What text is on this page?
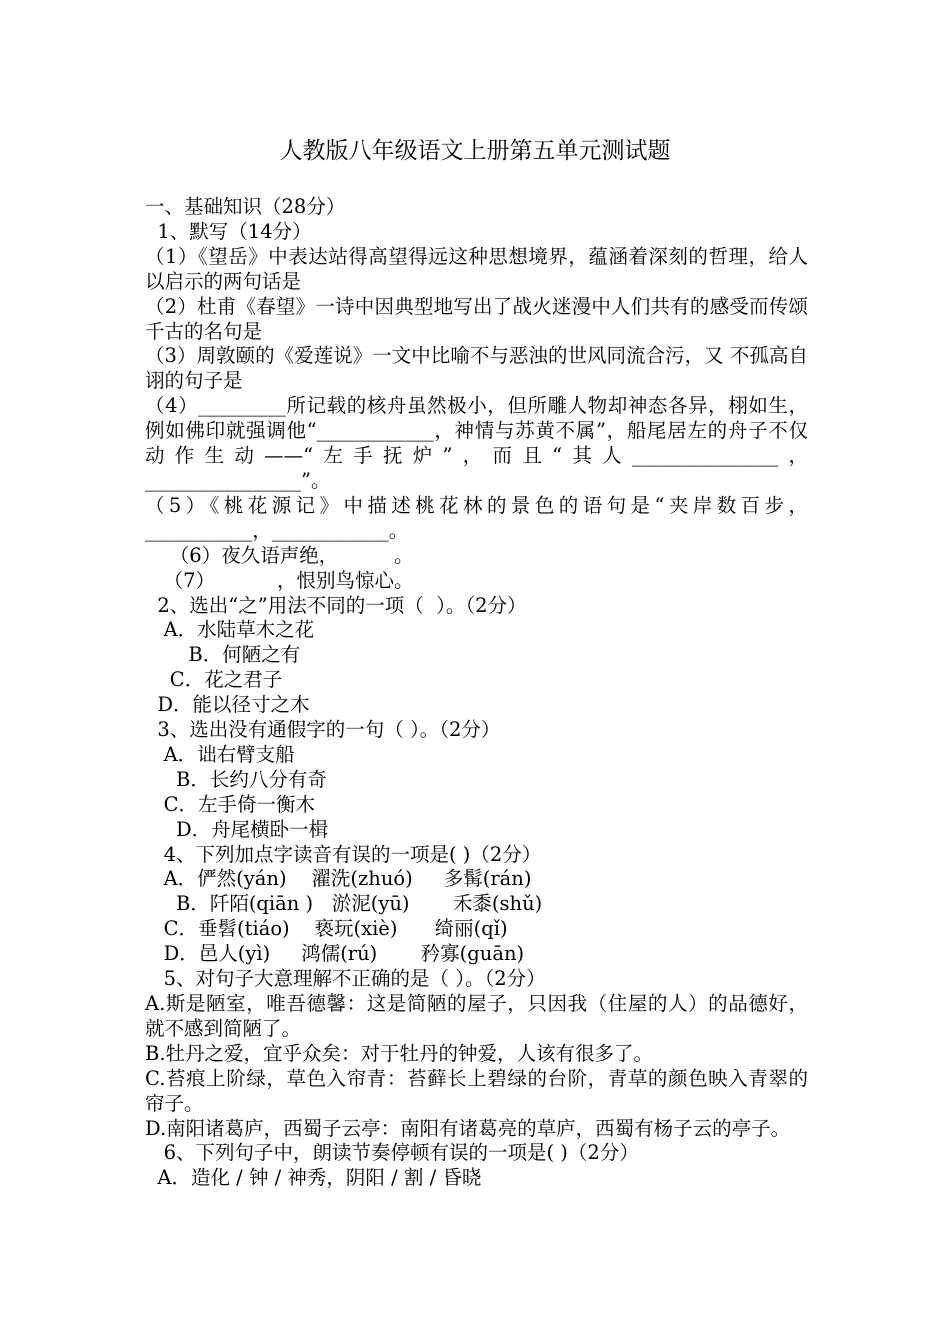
人教版八年级语文上册第五单元测试题
一、基础知识（28分）
1、默写（14分）
（1）《望岳》中表达站得高望得远这种思想境界，蕴涵着深刻的哲理，给人以启示的两句话是
（2）杜甫《春望》一诗中因典型地写出了战火迷漫中人们共有的感受而传颂千古的名句是
（3）周敦颐的《爱莲说》一文中比喻不与恶浊的世风同流合污，又 不孤高自诩的句子是
（4）_________所记载的核舟虽然极小，但所雕人物却神态各异，栩如生，例如佛印就强调他“____________，神情与苏黄不属”，船尾居左的舟子不仅动作生动——“左手抚炉”，而且“其人_______________，________________”。
（5）《桃花源记》中描述桃花林的景色的语句是“夹岸数百步，___________，____________。
（6）夜久语声绝，         。
（7）          ，恨别鸟惊心。
2、选出“之”用法不同的一项（  ）。（2分）
A．水陆草木之花
B．何陋之有
C．花之君子
D．能以径寸之木
3、选出没有通假字的一句（ ）。（2分）
A．诎右臂支船
B．长约八分有奇
C．左手倚一衡木
D．舟尾横卧一楫
4、下列加点字读音有误的一项是( )（2分）
A．俨然(yán)    濯洗(zhuó)     多髯(rán)
B．阡陌(qiān )   淤泥(yū)       禾黍(shǔ)
C．垂髫(tiáo)    亵玩(xiè)      绮丽(qǐ)
D．邑人(yì)     鸿儒(rú)       矜寡(guān)
5、对句子大意理解不正确的是（ ）。（2分）
A.斯是陋室，唯吾德馨：这是简陋的屋子，只因我（住屋的人）的品德好，就不感到简陋了。
B.牡丹之爱，宜乎众矣：对于牡丹的钟爱，人该有很多了。
C.苔痕上阶绿，草色入帘青：苔藓长上碧绿的台阶，青草的颜色映入青翠的帘子。
D.南阳诸葛庐，西蜀子云亭：南阳有诸葛亮的草庐，西蜀有杨子云的亭子。
6、下列句子中，朗读节奏停顿有误的一项是( )（2分）
A．造化 / 钟 / 神秀，阴阳 / 割 / 昏晓
